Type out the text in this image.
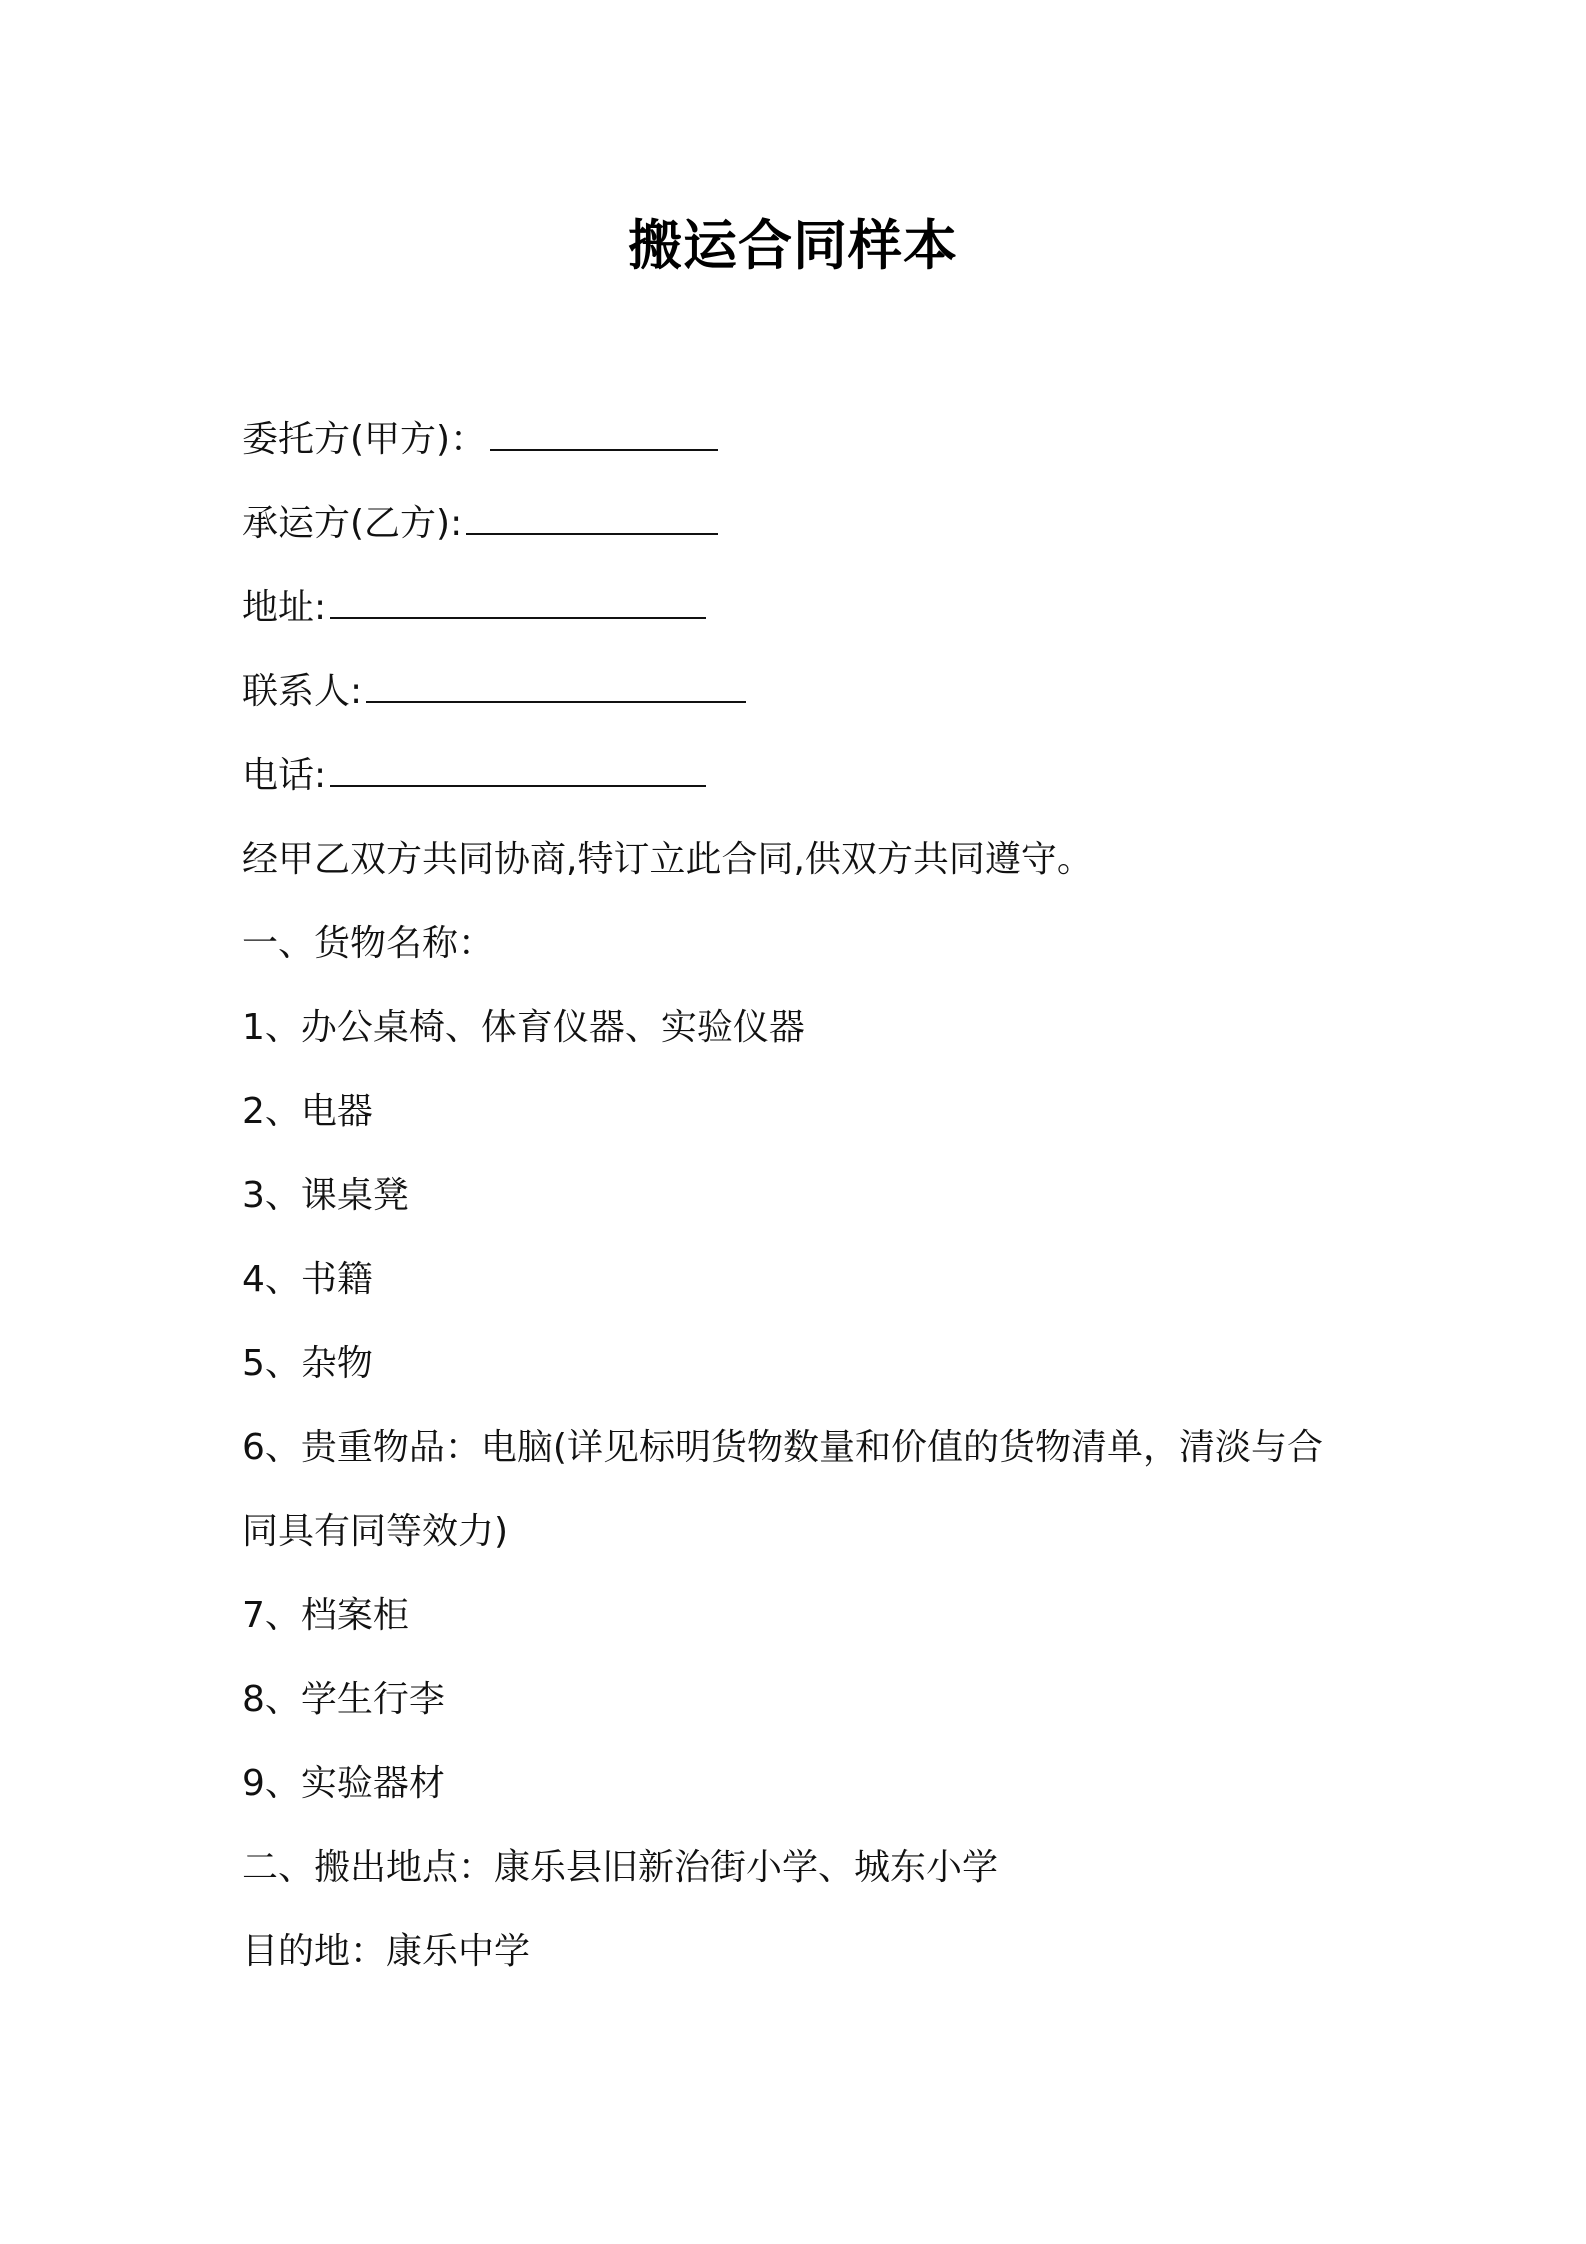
搬运合同样本
委托方(甲方)：
承运方(乙方):
地址:
联系人:
电话:
经甲乙双方共同协商,特订立此合同,供双方共同遵守。
一、货物名称：
1、办公桌椅、体育仪器、实验仪器
2、电器
3、课桌凳
4、书籍
5、杂物
6、贵重物品：电脑(详见标明货物数量和价值的货物清单，清淡与合
同具有同等效力)
7、档案柜
8、学生行李
9、实验器材
二、搬出地点：康乐县旧新治街小学、城东小学
目的地：康乐中学
